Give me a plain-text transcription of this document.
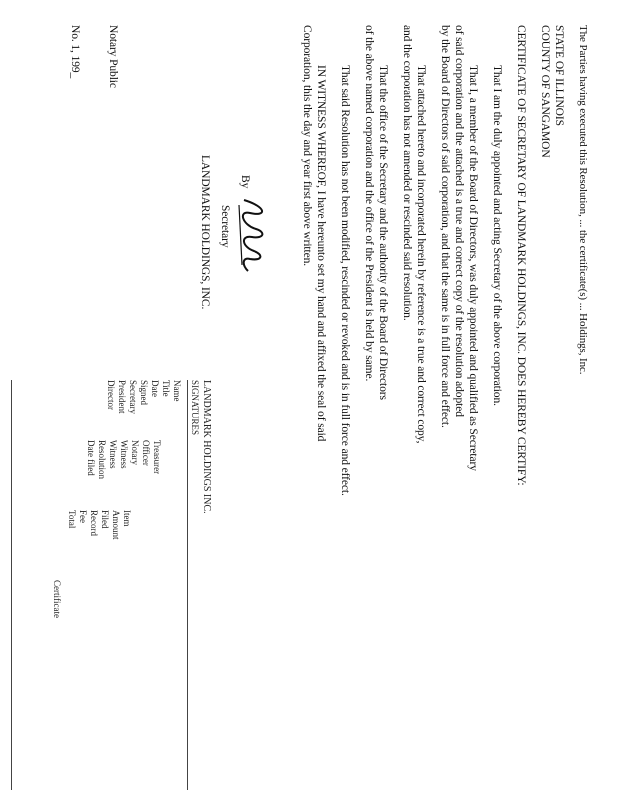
The Parties having executed this Resolution, ... the certificate(s) ... Holdings, Inc.

STATE OF ILLINOIS

COUNTY OF SANGAMON

CERTIFICATE OF SECRETARY OF LANDMARK HOLDINGS, INC. DOES HEREBY CERTIFY:

That I am the duly appointed and acting Secretary of the above corporation.

That I, a member of the Board of Directors, was duly appointed and qualified as Secretary

of said corporation and the attached is a true and correct copy of the resolution adopted

by the Board of Directors of said corporation, and that the same is in full force and effect.

That attached hereto and incorporated herein by reference is a true and correct copy,

and the corporation has not amended or rescinded said resolution.

That the office of the Secretary and the authority of the Board of Directors

of the above named corporation and the office of the President is held by same.

That said Resolution has not been modified, rescinded or revoked and is in full force and effect.

IN WITNESS WHEREOF, I have hereunto set my hand and affixed the seal of said

Corporation, this the day and year first above written.

By
Secretary
LANDMARK HOLDINGS, INC.
Notary Public
No. 1, 199_
LANDMARK HOLDINGS INC.
SIGNATURES
Name
Title
Date
Signed
Secretary
President
Director
Treasurer
Officer
Notary
Witness
Witness
Resolution
Date filed
Item
Amount
Filed
Record
Fee
Total
Certificate
